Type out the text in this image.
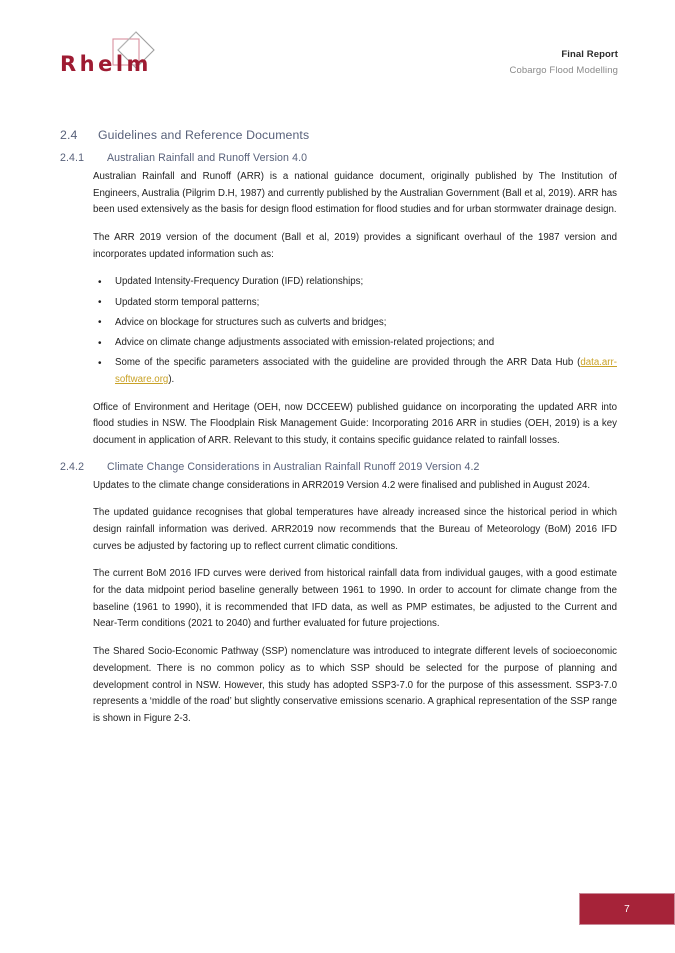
Rhelm	Final Report
Cobargo Flood Modelling
2.4	Guidelines and Reference Documents
2.4.1	Australian Rainfall and Runoff Version 4.0

Australian Rainfall and Runoff (ARR) is a national guidance document, originally published by The Institution of Engineers, Australia (Pilgrim D.H, 1987) and currently published by the Australian Government (Ball et al, 2019). ARR has been used extensively as the basis for design flood estimation for flood studies and for urban stormwater drainage design.

The ARR 2019 version of the document (Ball et al, 2019) provides a significant overhaul of the 1987 version and incorporates updated information such as:

• Updated Intensity-Frequency Duration (IFD) relationships;
• Updated storm temporal patterns;
• Advice on blockage for structures such as culverts and bridges;
• Advice on climate change adjustments associated with emission-related projections; and
• Some of the specific parameters associated with the guideline are provided through the ARR Data Hub (data.arr-software.org).

Office of Environment and Heritage (OEH, now DCCEEW) published guidance on incorporating the updated ARR into flood studies in NSW. The Floodplain Risk Management Guide: Incorporating 2016 ARR in studies (OEH, 2019) is a key document in application of ARR. Relevant to this study, it contains specific guidance related to rainfall losses.

2.4.2	Climate Change Considerations in Australian Rainfall Runoff 2019 Version 4.2

Updates to the climate change considerations in ARR2019 Version 4.2 were finalised and published in August 2024.

The updated guidance recognises that global temperatures have already increased since the historical period in which design rainfall information was derived. ARR2019 now recommends that the Bureau of Meteorology (BoM) 2016 IFD curves be adjusted by factoring up to reflect current climatic conditions.

The current BoM 2016 IFD curves were derived from historical rainfall data from individual gauges, with a good estimate for the data midpoint period baseline generally between 1961 to 1990. In order to account for climate change from the baseline (1961 to 1990), it is recommended that IFD data, as well as PMP estimates, be adjusted to the Current and Near-Term conditions (2021 to 2040) and further evaluated for future projections.

The Shared Socio-Economic Pathway (SSP) nomenclature was introduced to integrate different levels of socioeconomic development. There is no common policy as to which SSP should be selected for the purpose of planning and development control in NSW. However, this study has adopted SSP3-7.0 for the purpose of this assessment. SSP3-7.0 represents a ‘middle of the road’ but slightly conservative emissions scenario. A graphical representation of the SSP range is shown in Figure 2-3.

7
